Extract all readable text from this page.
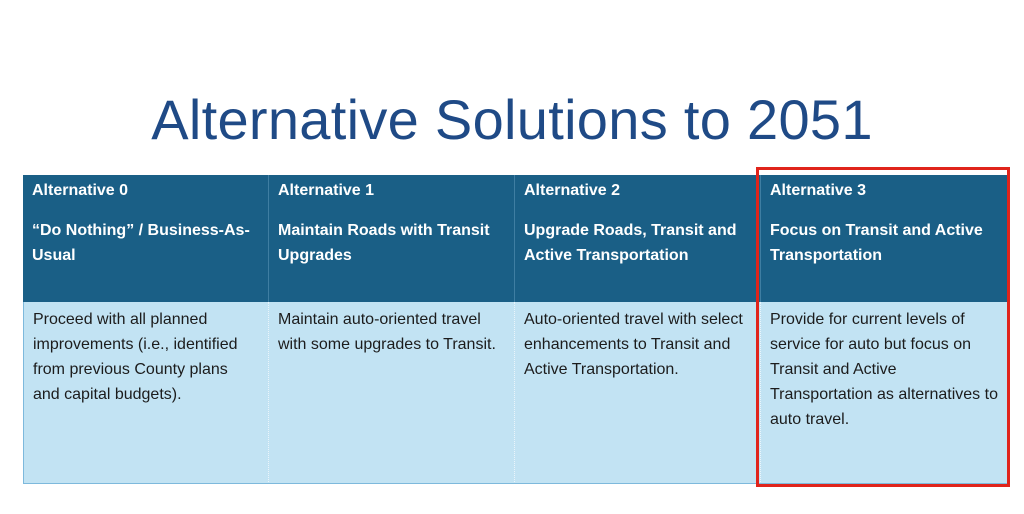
Alternative Solutions to 2051
Alternative 0
“Do Nothing” / Business-As-Usual
Alternative 1
Maintain Roads with Transit Upgrades
Alternative 2
Upgrade Roads, Transit and Active Transportation
Alternative 3
Focus on Transit and Active Transportation
Proceed with all planned improvements (i.e., identified from previous County plans and capital budgets).
Maintain auto-oriented travel with some upgrades to Transit.
Auto-oriented travel with select enhancements to Transit and Active Transportation.
Provide for current levels of service for auto but focus on Transit and Active Transportation as alternatives to auto travel.
